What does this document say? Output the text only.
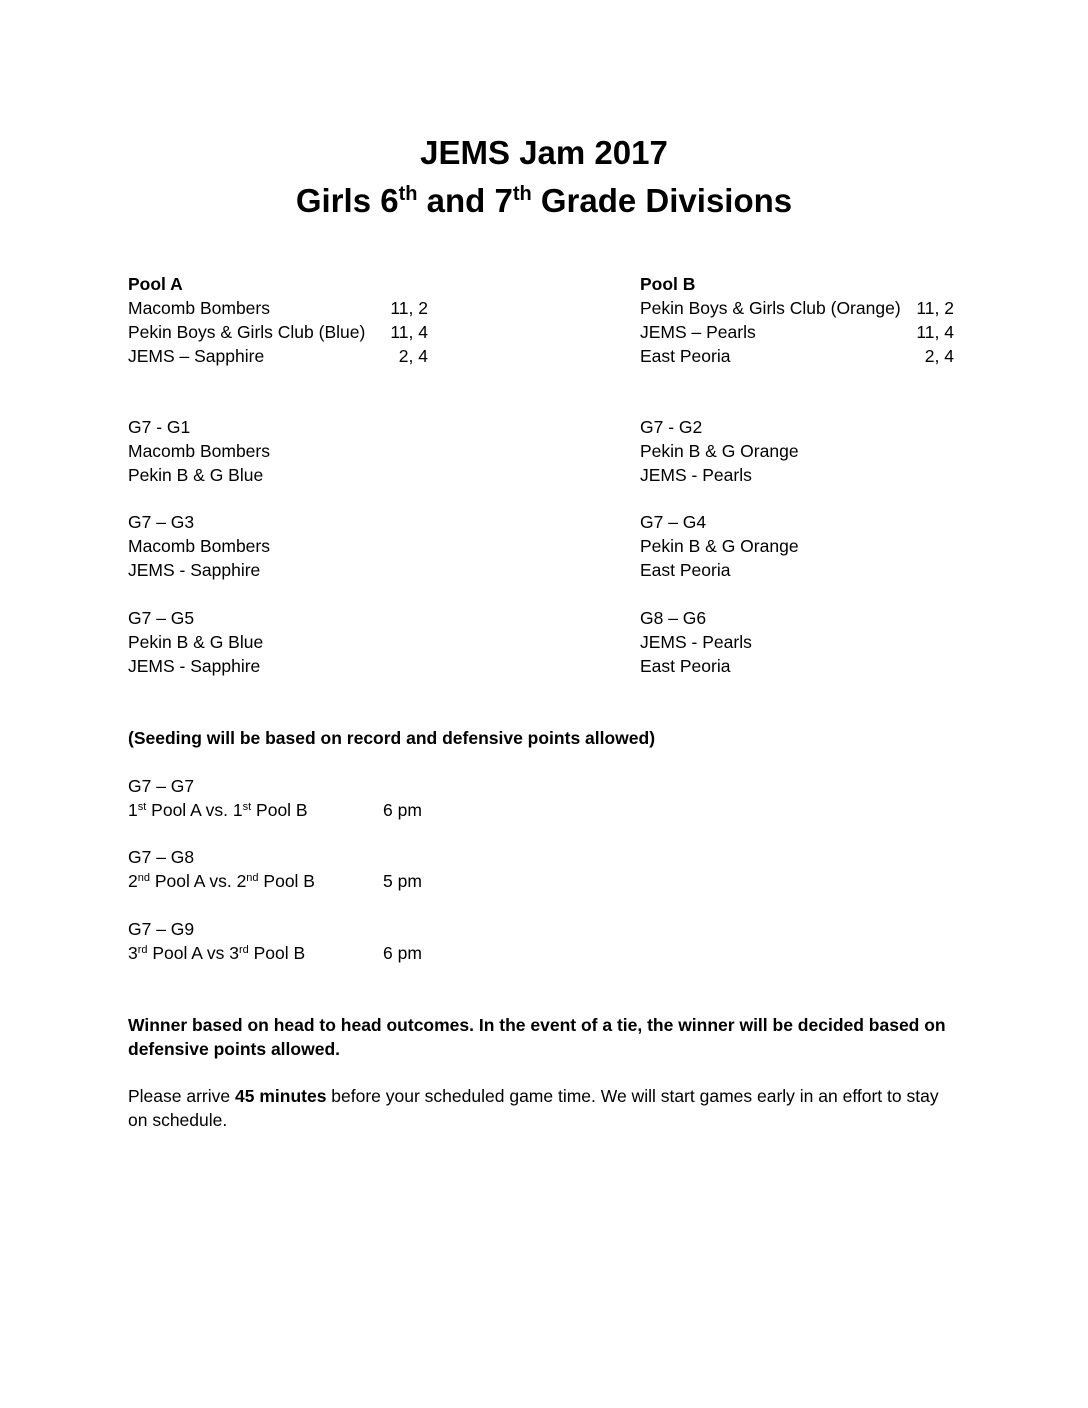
JEMS Jam 2017
Girls 6th and 7th Grade Divisions
Pool A
Macomb Bombers	11, 2
Pekin Boys & Girls Club (Blue) 11, 4
JEMS – Sapphire	2, 4
Pool B
Pekin Boys & Girls Club (Orange) 11, 2
JEMS – Pearls	11, 4
East Peoria	2, 4
G7 - G1
Macomb Bombers
Pekin B & G Blue
G7 - G2
Pekin B & G Orange
JEMS - Pearls
G7 – G3
Macomb Bombers
JEMS - Sapphire
G7 – G4
Pekin B & G Orange
East Peoria
G7 – G5
Pekin B & G Blue
JEMS - Sapphire
G8 – G6
JEMS - Pearls
East Peoria
(Seeding will be based on record and defensive points allowed)
G7 – G7
1st Pool A vs. 1st Pool B	6 pm
G7 – G8
2nd Pool A vs. 2nd Pool B	5 pm
G7 – G9
3rd Pool A vs 3rd Pool B	6 pm
Winner based on head to head outcomes. In the event of a tie, the winner will be decided based on defensive points allowed.
Please arrive 45 minutes before your scheduled game time. We will start games early in an effort to stay on schedule.
